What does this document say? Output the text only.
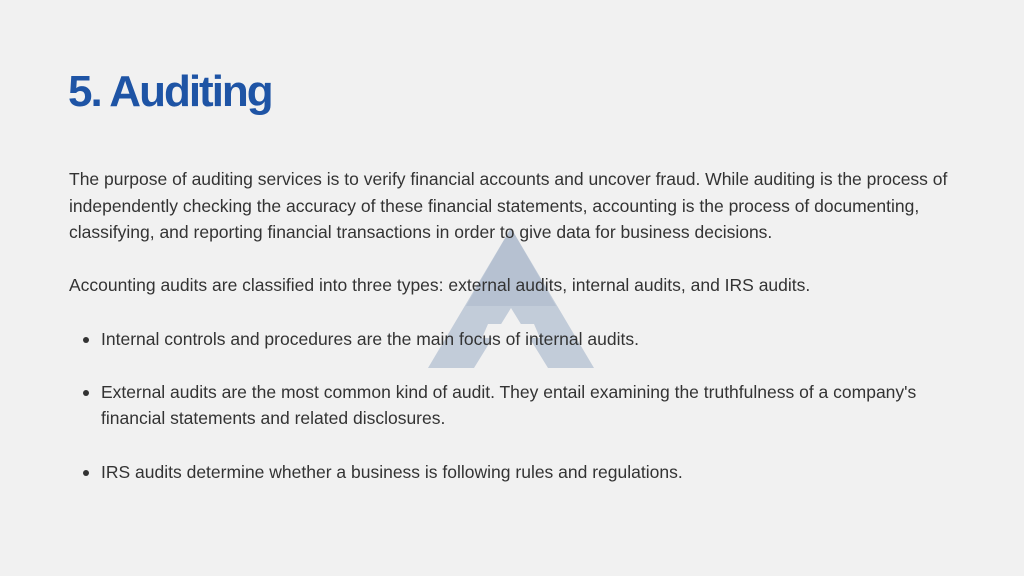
5. Auditing

The purpose of auditing services is to verify financial accounts and uncover fraud. While auditing is the process of independently checking the accuracy of these financial statements, accounting is the process of documenting, classifying, and reporting financial transactions in order to give data for business decisions.

Accounting audits are classified into three types: external audits, internal audits, and IRS audits.

Internal controls and procedures are the main focus of internal audits.
External audits are the most common kind of audit. They entail examining the truthfulness of a company's financial statements and related disclosures.
IRS audits determine whether a business is following rules and regulations.
